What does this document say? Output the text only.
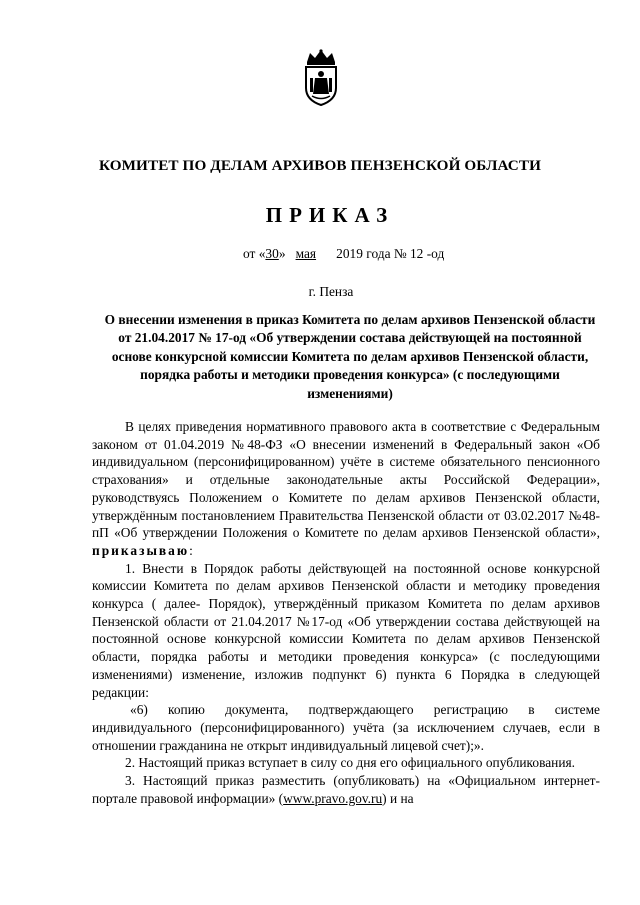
КОМИТЕТ ПО ДЕЛАМ АРХИВОВ ПЕНЗЕНСКОЙ ОБЛАСТИ
ПРИКАЗ
от «30»   мая 2019 года № 12 -од
г. Пенза
О внесении изменения в приказ Комитета по делам архивов Пензенской области от 21.04.2017 № 17-од «Об утверждении состава действующей на постоянной основе конкурсной комиссии Комитета по делам архивов Пензенской области, порядка работы и методики проведения конкурса» (с последующими изменениями)

В целях приведения нормативного правового акта в соответствие с Федеральным законом от 01.04.2019 №48-ФЗ «О внесении изменений в Федеральный закон «Об индивидуальном (персонифицированном) учёте в системе обязательного пенсионного страхования» и отдельные законодательные акты Российской Федерации», руководствуясь Положением о Комитете по делам архивов Пензенской области, утверждённым постановлением Правительства Пензенской области от 03.02.2017 №48-пП «Об утверждении Положения о Комитете по делам архивов Пензенской области», приказываю:

1. Внести в Порядок работы действующей на постоянной основе конкурсной комиссии Комитета по делам архивов Пензенской области и методику проведения конкурса ( далее- Порядок), утверждённый приказом Комитета по делам архивов Пензенской области от 21.04.2017 №17-од «Об утверждении состава действующей на постоянной основе конкурсной комиссии Комитета по делам архивов Пензенской области, порядка работы и методики проведения конкурса» (с последующими изменениями) изменение, изложив подпункт 6) пункта 6 Порядка в следующей редакции:

«6) копию документа, подтверждающего регистрацию в системе индивидуального (персонифицированного) учёта (за исключением случаев, если в отношении гражданина не открыт индивидуальный лицевой счет);».

2. Настоящий приказ вступает в силу со дня его официального опубликования.

3. Настоящий приказ разместить (опубликовать) на «Официальном интернет-портале правовой информации» (www.pravo.gov.ru) и на
